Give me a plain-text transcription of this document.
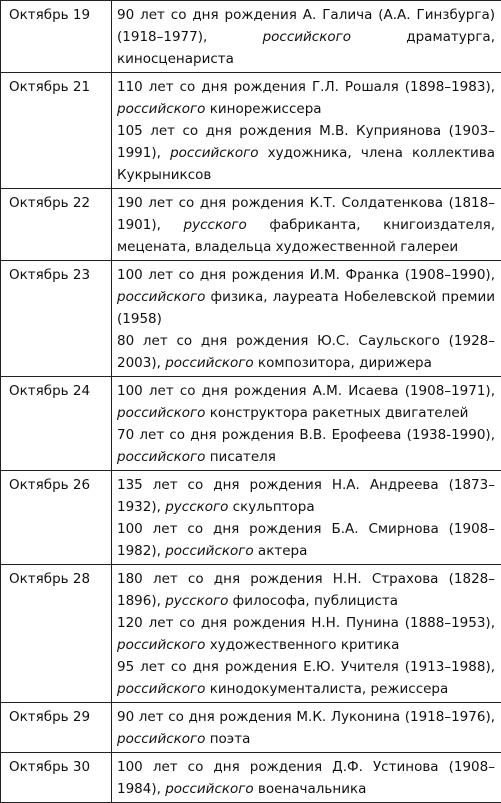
Октябрь 19	90 лет со дня рождения А. Галича (А.А. Гинзбурга) (1918–1977), российского драматурга, киносценариста

Октябрь 21	110 лет со дня рождения Г.Л. Рошаля (1898–1983), российского кинорежиссера
105 лет со дня рождения М.В. Куприянова (1903–1991), российского художника, члена коллектива Кукрыниксов

Октябрь 22	190 лет со дня рождения К.Т. Солдатенкова (1818–1901), русского фабриканта, книгоиздателя, мецената, владельца художественной галереи

Октябрь 23	100 лет со дня рождения И.М. Франка (1908–1990), российского физика, лауреата Нобелевской премии (1958)
80 лет со дня рождения Ю.С. Саульского (1928–2003), российского композитора, дирижера

Октябрь 24	100 лет со дня рождения А.М. Исаева (1908–1971), российского конструктора ракетных двигателей
70 лет со дня рождения В.В. Ерофеева (1938-1990), российского писателя

Октябрь 26	135 лет со дня рождения Н.А. Андреева (1873–1932), русского скульптора
100 лет со дня рождения Б.А. Смирнова (1908–1982), российского актера

Октябрь 28	180 лет со дня рождения Н.Н. Страхова (1828–1896), русского философа, публициста
120 лет со дня рождения Н.Н. Пунина (1888–1953), российского художественного критика
95 лет со дня рождения Е.Ю. Учителя (1913–1988), российского кинодокументалиста, режиссера

Октябрь 29	90 лет со дня рождения М.К. Луконина (1918–1976), российского поэта

Октябрь 30	100 лет со дня рождения Д.Ф. Устинова (1908–1984), российского военачальника
